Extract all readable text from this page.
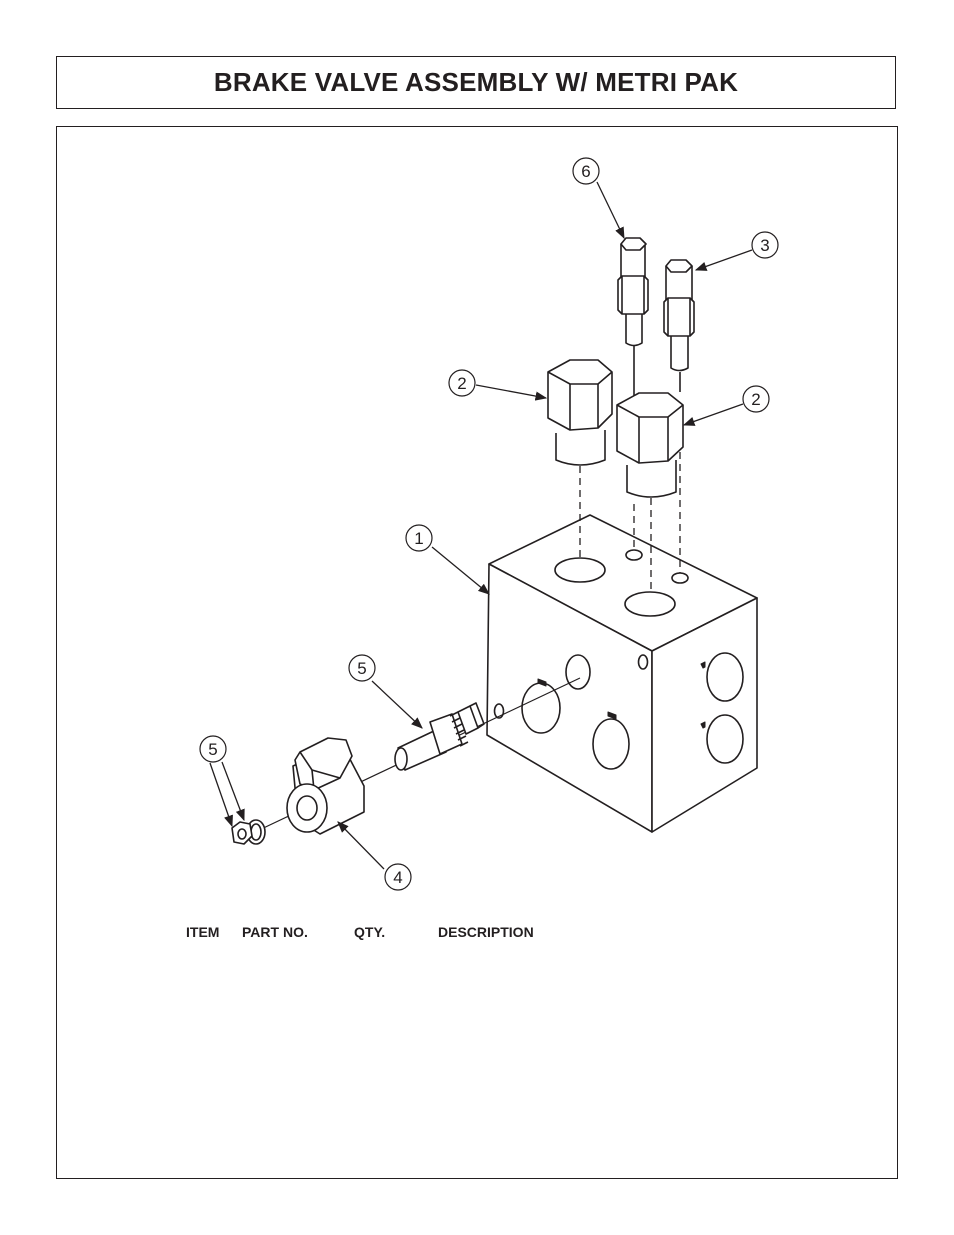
BRAKE VALVE ASSEMBLY W/ METRI PAK
6
3
2
2
1
5
4
5
ITEM PART NO.	QTY.	DESCRIPTION
